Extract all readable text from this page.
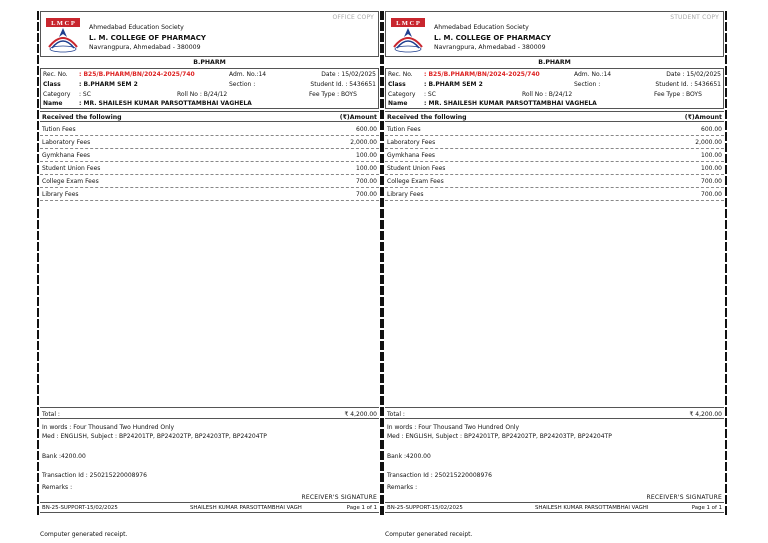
OFFICE COPY
L M C P
Ahmedabad Education Society
L. M. COLLEGE OF PHARMACY
Navrangpura, Ahmedabad - 380009
B.PHARM
Rec. No. : B25/B.PHARM/BN/2024-2025/740	Adm. No.:14	Date : 15/02/2025
Class	: B.PHARM SEM 2	Section :	Student Id. : 5436651
Category : SC	Roll No : B/24/12	Fee Type : BOYS
Name	: MR. SHAILESH KUMAR PARSOTTAMBHAI VAGHELA
Received the following	(₹)Amount
Tution Fees	600.00
Laboratory Fees	2,000.00
Gymkhana Fees	100.00
Student Union Fees	100.00
College Exam Fees	700.00
Library Fees	700.00
Total :	₹ 4,200.00
In words : Four Thousand Two Hundred Only
Med : ENGLISH, Subject : BP24201TP, BP24202TP, BP24203TP, BP24204TP
Bank :4200.00
Transaction Id : 250215220008976
Remarks :
RECEIVER'S SIGNATURE
BN-25-SUPPORT-15/02/2025	SHAILESH KUMAR PARSOTTAMBHAI VAGH	Page 1 of 1
Computer generated receipt.
STUDENT COPY
L M C P
Ahmedabad Education Society
L. M. COLLEGE OF PHARMACY
Navrangpura, Ahmedabad - 380009
B.PHARM
Rec. No. : B25/B.PHARM/BN/2024-2025/740	Adm. No.:14	Date : 15/02/2025
Class	: B.PHARM SEM 2	Section :	Student Id. : 5436651
Category : SC	Roll No : B/24/12	Fee Type : BOYS
Name	: MR. SHAILESH KUMAR PARSOTTAMBHAI VAGHELA
Received the following	(₹)Amount
Tution Fees	600.00
Laboratory Fees	2,000.00
Gymkhana Fees	100.00
Student Union Fees	100.00
College Exam Fees	700.00
Library Fees	700.00
Total :	₹ 4,200.00
In words : Four Thousand Two Hundred Only
Med : ENGLISH, Subject : BP24201TP, BP24202TP, BP24203TP, BP24204TP
Bank :4200.00
Transaction Id : 250215220008976
Remarks :
RECEIVER'S SIGNATURE
BN-25-SUPPORT-15/02/2025	SHAILESH KUMAR PARSOTTAMBHAI VAGHI	Page 1 of 1
Computer generated receipt.
